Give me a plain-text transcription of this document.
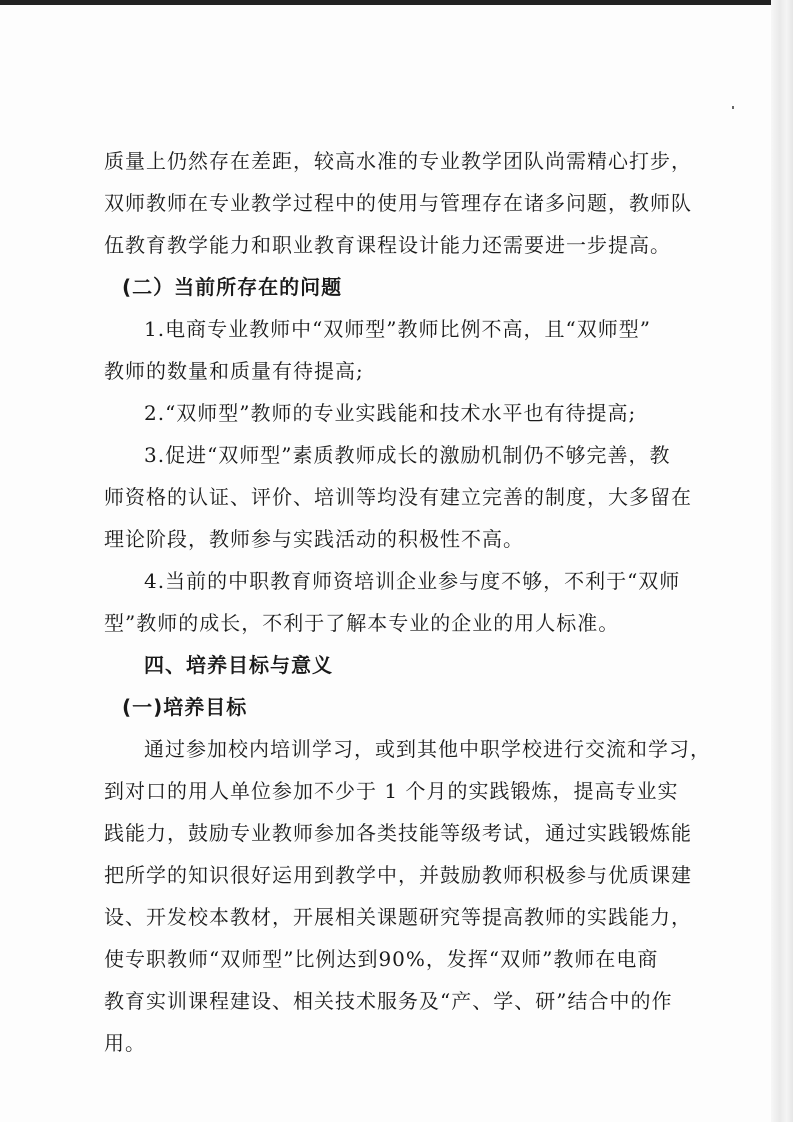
质量上仍然存在差距，较高水准的专业教学团队尚需精心打步，
双师教师在专业教学过程中的使用与管理存在诸多问题，教师队
伍教育教学能力和职业教育课程设计能力还需要进一步提高。
(二）当前所存在的问题
1.电商专业教师中“双师型”教师比例不高，且“双师型”
教师的数量和质量有待提高;
2.“双师型”教师的专业实践能和技术水平也有待提高;
3.促进“双师型”素质教师成长的激励机制仍不够完善，教
师资格的认证、评价、培训等均没有建立完善的制度，大多留在
理论阶段，教师参与实践活动的积极性不高。
4.当前的中职教育师资培训企业参与度不够，不利于“双师
型”教师的成长，不利于了解本专业的企业的用人标准。
四、培养目标与意义
(一)培养目标
通过参加校内培训学习，或到其他中职学校进行交流和学习，
到对口的用人单位参加不少于 1 个月的实践锻炼，提高专业实
践能力，鼓励专业教师参加各类技能等级考试，通过实践锻炼能
把所学的知识很好运用到教学中，并鼓励教师积极参与优质课建
设、开发校本教材，开展相关课题研究等提高教师的实践能力，
使专职教师“双师型”比例达到90%，发挥“双师”教师在电商
教育实训课程建设、相关技术服务及“产、学、研”结合中的作
用。
